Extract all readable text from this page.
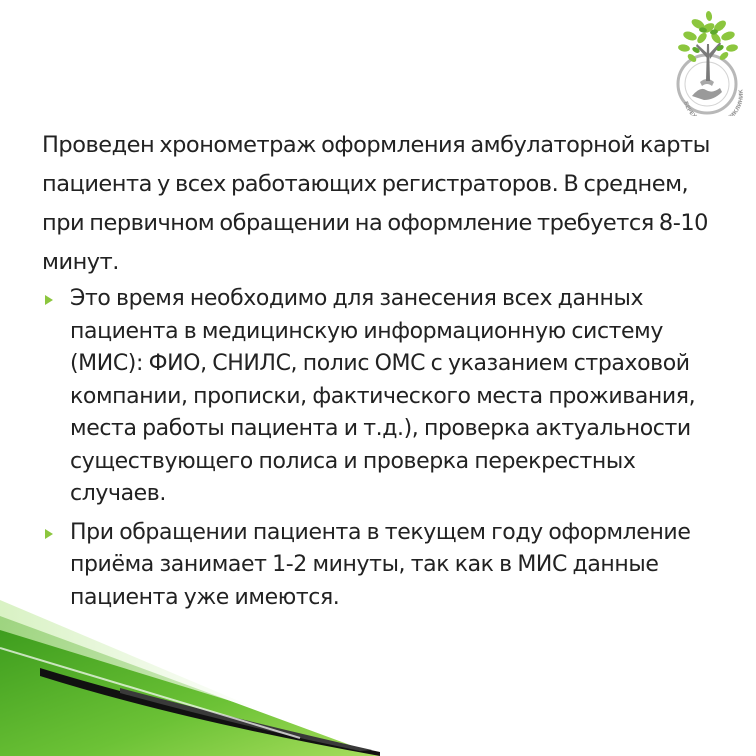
БЕРЕ ИКЛИНИК

Проведен хронометраж оформления амбулаторной карты пациента у всех работающих регистраторов. В среднем, при первичном обращении на оформление требуется 8-10 минут.

Это время необходимо для занесения всех данных пациента в медицинскую информационную систему (МИС): ФИО, СНИЛС, полис ОМС с указанием страховой компании, прописки, фактического места проживания, места работы пациента и т.д.), проверка актуальности существующего полиса и проверка перекрестных случаев.
При обращении пациента в текущем году оформление приёма занимает 1-2 минуты, так как в МИС данные пациента уже имеются.
